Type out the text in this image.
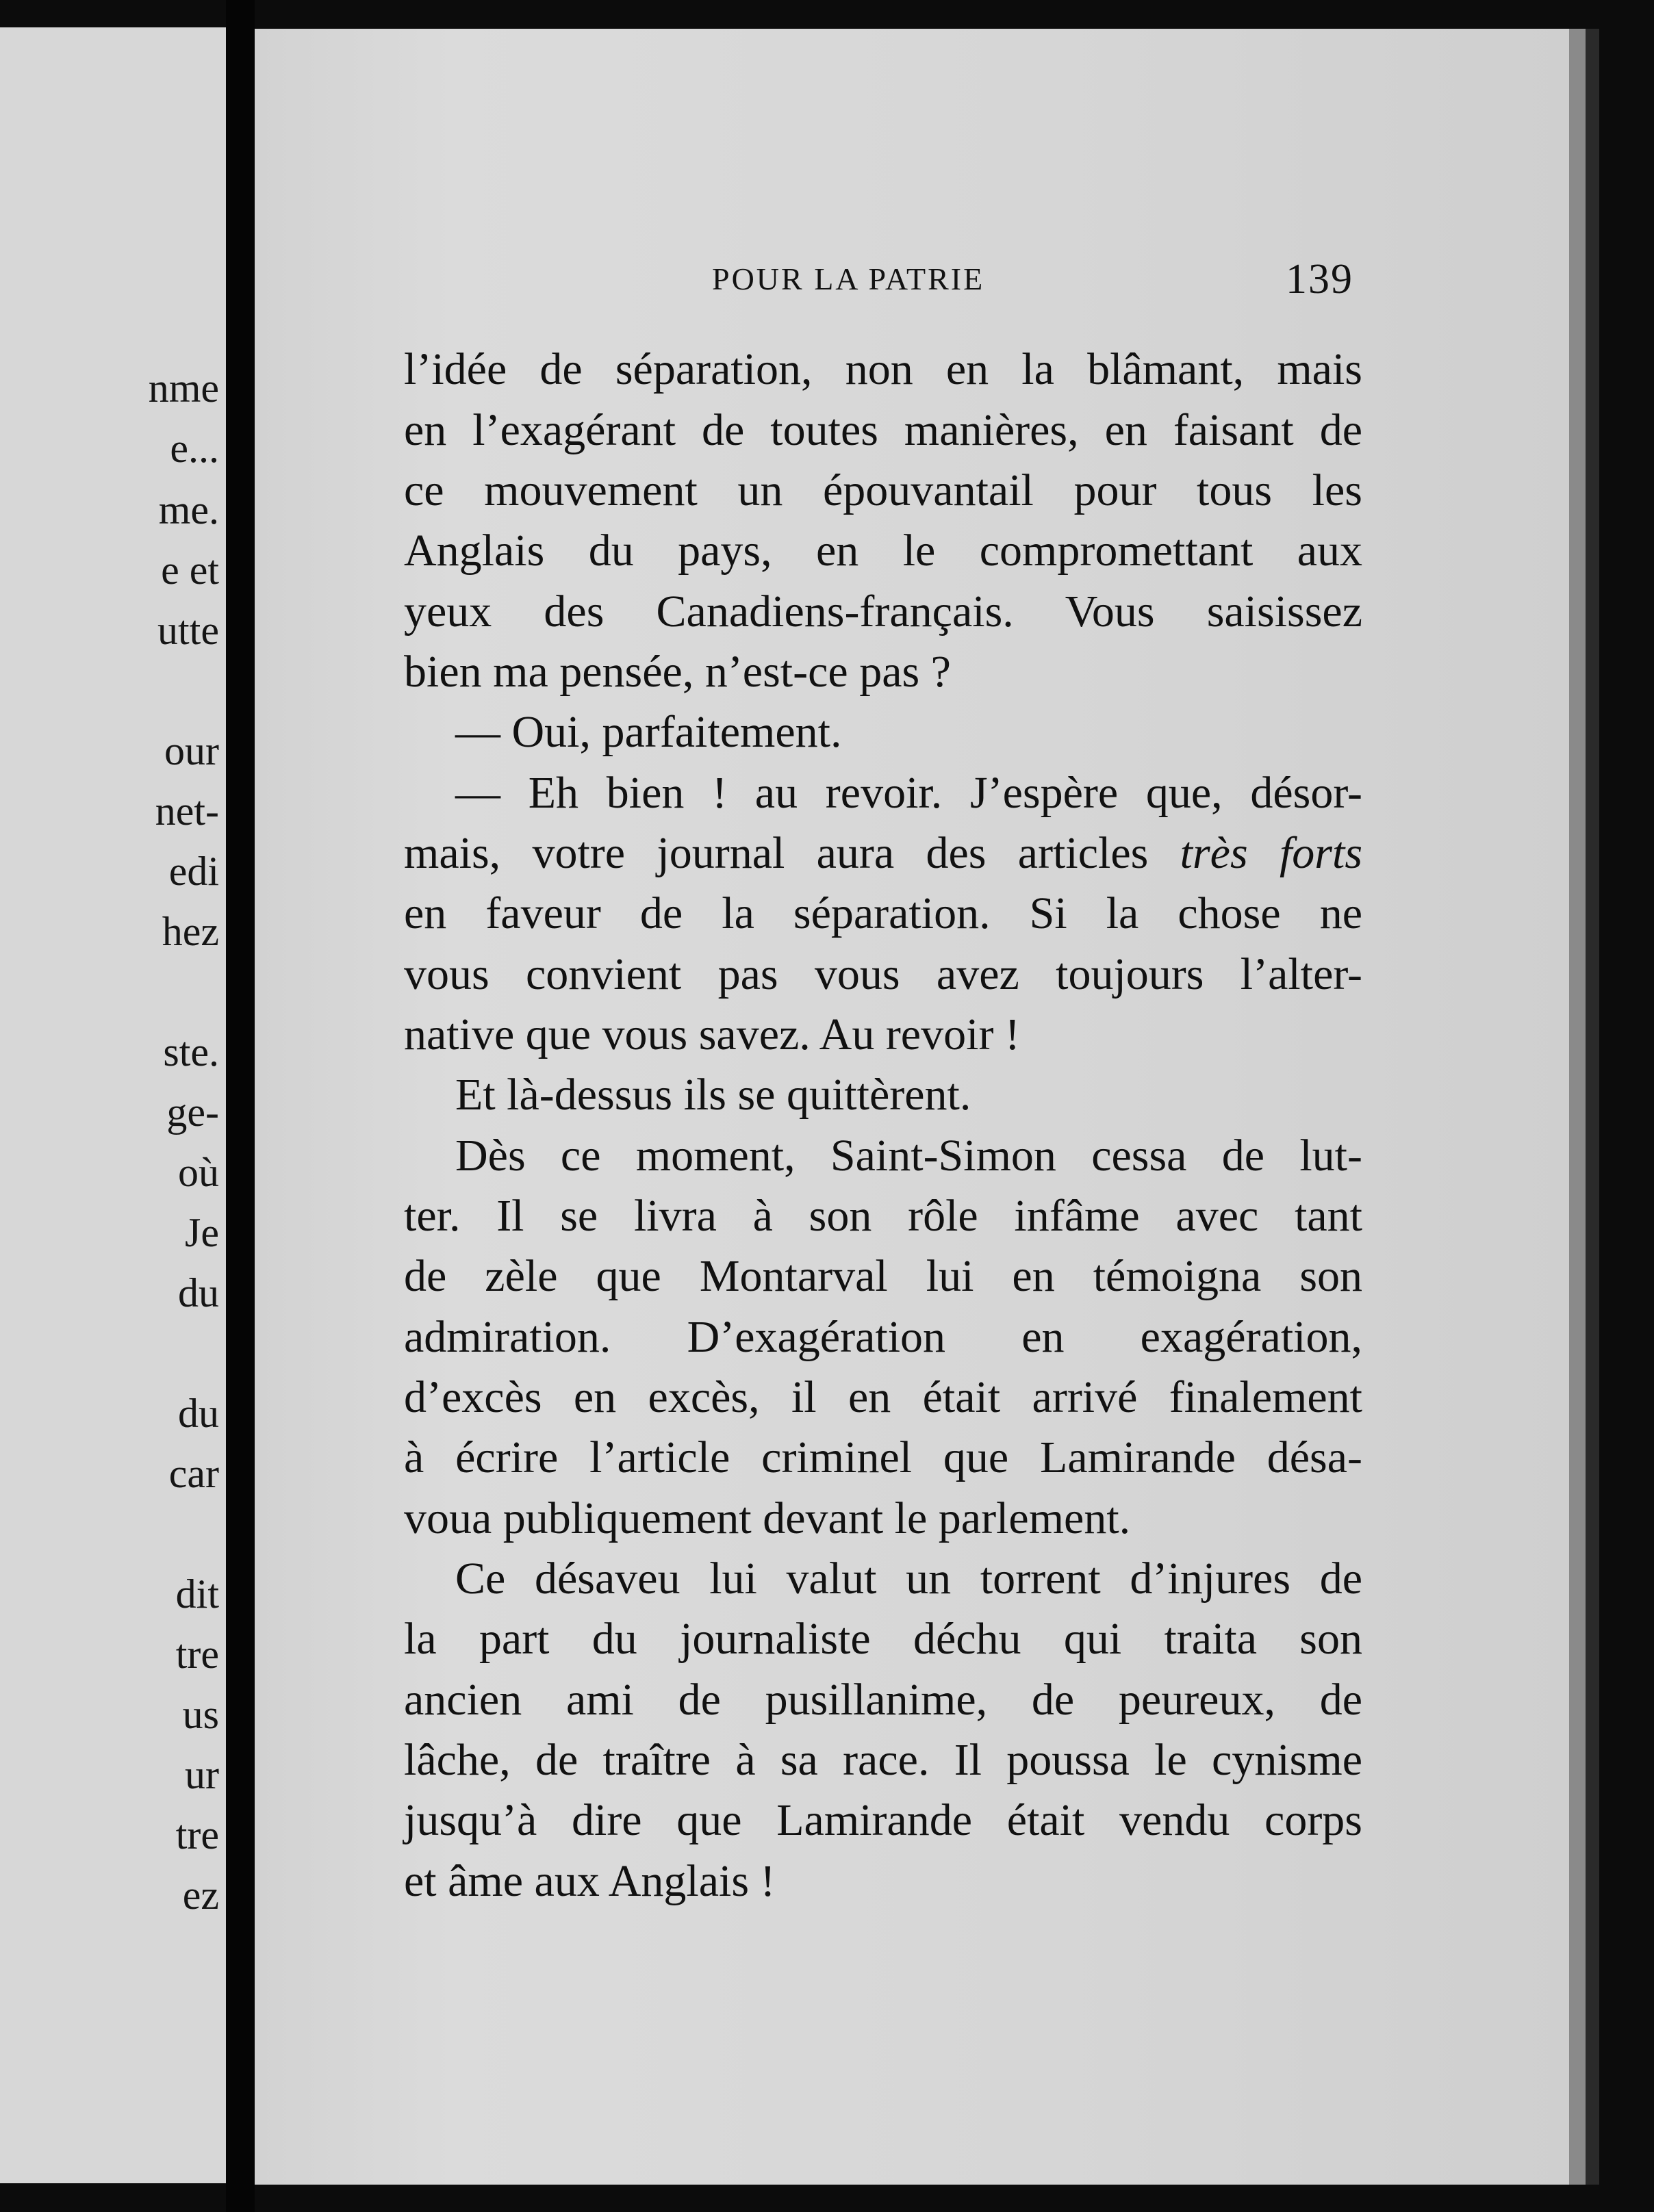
nme
e...
me.
e et
utte
our
net-
edi
hez
ste.
ge-
où
Je
du
du
car
dit
tre
us
ur
tre
ez
POUR LA PATRIE	139
l’idée de séparation, non en la blâmant, mais
en l’exagérant de toutes manières, en faisant de
ce mouvement un épouvantail pour tous les
Anglais du pays, en le compromettant aux
yeux des Canadiens-français. Vous saisissez
bien ma pensée, n’est-ce pas ?
— Oui, parfaitement.
— Eh bien ! au revoir. J’espère que, désor-
mais, votre journal aura des articles très forts
en faveur de la séparation. Si la chose ne
vous convient pas vous avez toujours l’alter-
native que vous savez. Au revoir !
Et là-dessus ils se quittèrent.
Dès ce moment, Saint-Simon cessa de lut-
ter. Il se livra à son rôle infâme avec tant
de zèle que Montarval lui en témoigna son
admiration. D’exagération en exagération,
d’excès en excès, il en était arrivé finalement
à écrire l’article criminel que Lamirande désa-
voua publiquement devant le parlement.
Ce désaveu lui valut un torrent d’injures de
la part du journaliste déchu qui traita son
ancien ami de pusillanime, de peureux, de
lâche, de traître à sa race. Il poussa le cynisme
jusqu’à dire que Lamirande était vendu corps
et âme aux Anglais !
